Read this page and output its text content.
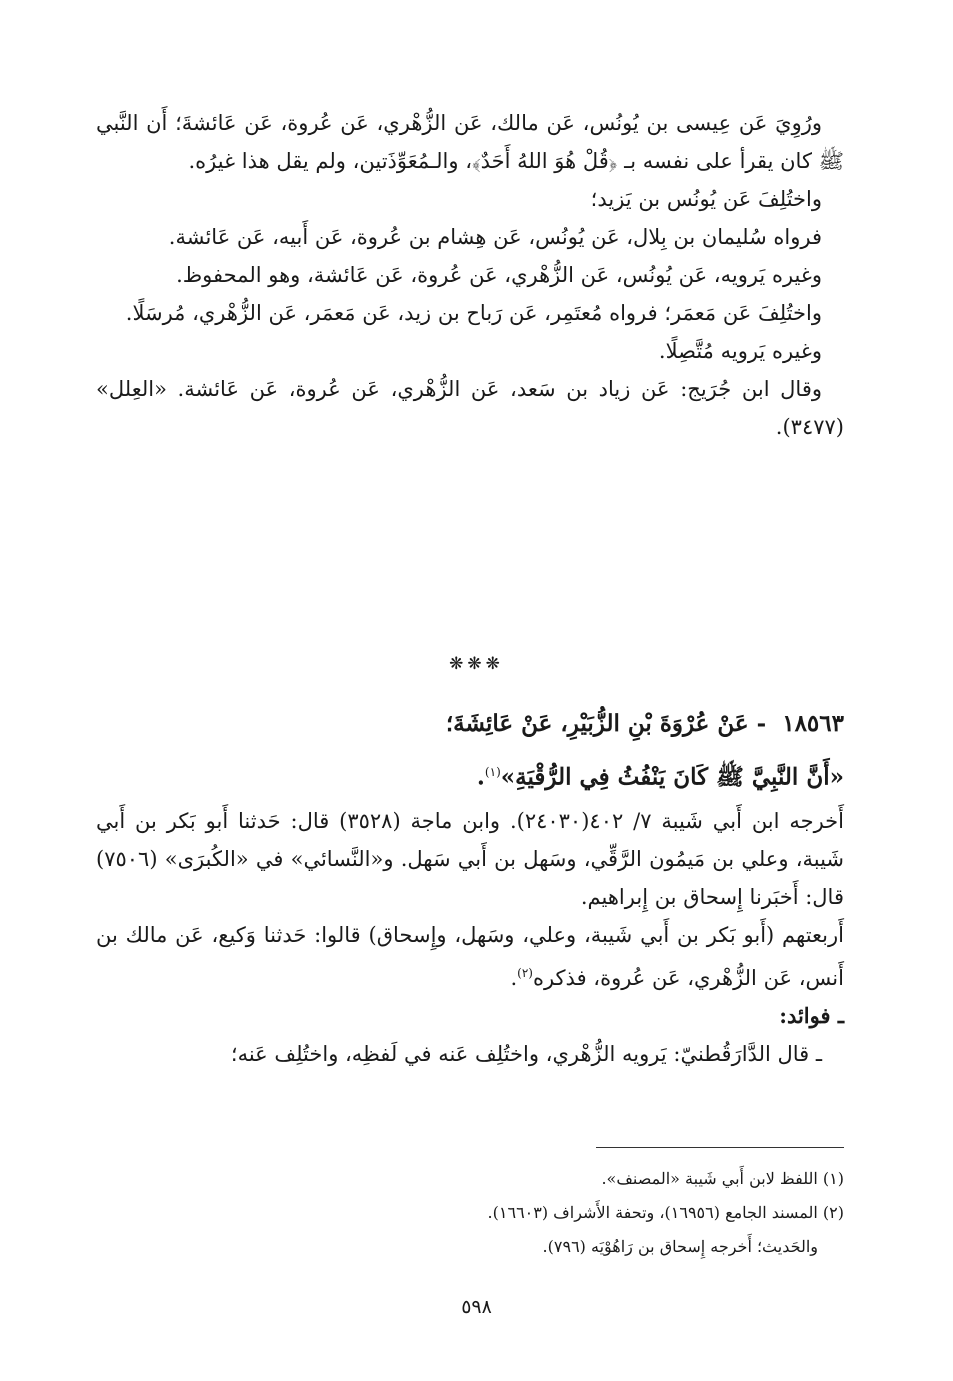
ورُوِيَ عَن عِيسى بن يُونُس، عَن مالك، عَن الزُّهْري، عَن عُروة، عَن عَائشةَ؛ أَن النَّبي ﷺ كان يقرأ على نفسه بـ ﴿قُلْ هُوَ اللهُ أَحَدٌ﴾، والـمُعَوِّذَتين، ولم يقل هذا غيرُه.

واختُلِفَ عَن يُونُس بن يَزيد؛

فرواه سُليمان بن بِلال، عَن يُونُس، عَن هِشام بن عُروة، عَن أَبيه، عَن عَائشة.

وغيره يَرويه، عَن يُونُس، عَن الزُّهْري، عَن عُروة، عَن عَائشة، وهو المحفوظ.

واختُلِفَ عَن مَعمَر؛ فرواه مُعتَمِر، عَن رَباح بن زيد، عَن مَعمَر، عَن الزُّهْري، مُرسَلًا.

وغيره يَرويه مُتَّصِلًا.

وقال ابن جُرَيج: عَن زياد بن سَعد، عَن الزُّهْري، عَن عُروة، عَن عَائشة. «العِلل» (٣٤٧٧).

❋❋❋
١٨٥٦٣ - عَنْ عُرْوَةَ بْنِ الزُّبَيْرِ، عَنْ عَائِشَةَ؛
«أَنَّ النَّبِيَّ ﷺ كَانَ يَنْفُثُ فِي الرُّقْيَةِ»$^{(١)}$.

أَخرجه ابن أَبي شَيبة ٧/ ٤٠٢(٢٤٠٣٠). وابن ماجة (٣٥٢٨) قال: حَدثنا أَبو بَكر بن أَبي شَيبة، وعلي بن مَيمُون الرَّقِّي، وسَهل بن أَبي سَهل. و«النَّسائي» في «الكُبرَى» (٧٥٠٦) قال: أَخبَرنا إِسحاق بن إِبراهيم.

أَربعتهم (أَبو بَكر بن أَبي شَيبة، وعلي، وسَهل، وإِسحاق) قالوا: حَدثنا وَكيع، عَن مالك بن أَنس، عَن الزُّهْري، عَن عُروة، فذكره$^{(٢)}$.

ـ فوائد:

ـ قال الدَّارَقُطنيّ: يَرويه الزُّهْري، واختُلِف عَنه في لَفظِه، واختُلِف عَنه؛

(١) اللفظ لابن أَبي شَيبة «المصنف».

(٢) المسند الجامع (١٦٩٥٦)، وتحفة الأَشراف (١٦٦٠٣).

والحَديث؛ أَخرجه إِسحاق بن رَاهُوْيَه (٧٩٦).

٥٩٨
